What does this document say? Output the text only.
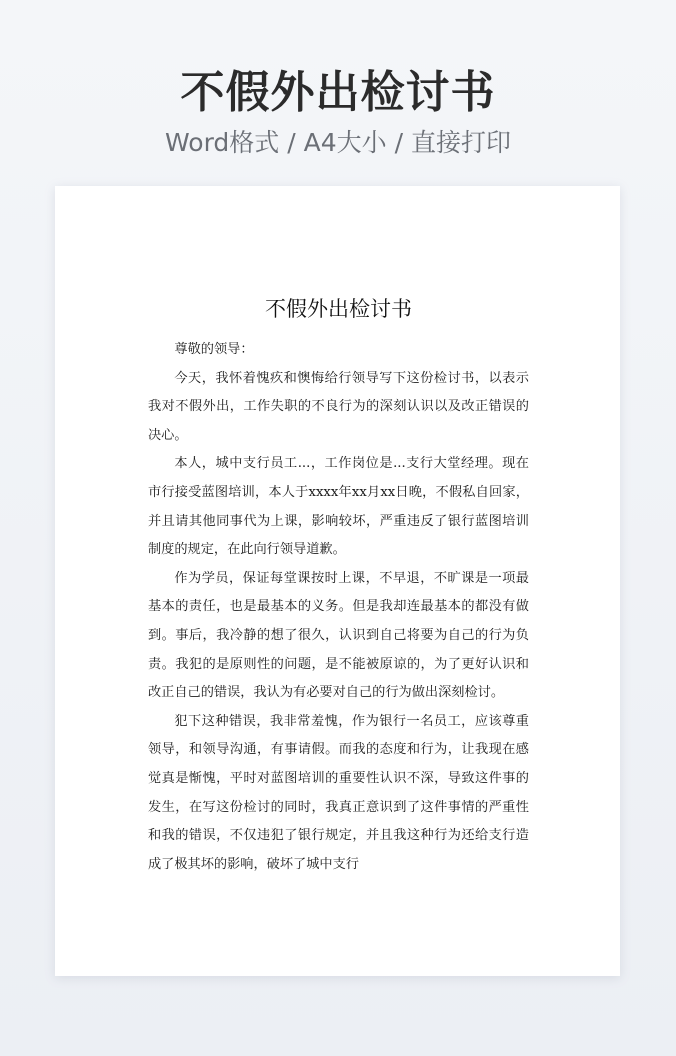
不假外出检讨书
Word格式 / A4大小 / 直接打印
不假外出检讨书

尊敬的领导：

今天，我怀着愧疚和懊悔给行领导写下这份检讨书，以表示我对不假外出，工作失职的不良行为的深刻认识以及改正错误的决心。

本人，城中支行员工...，工作岗位是...支行大堂经理。现在市行接受蓝图培训，本人于xxxx年xx月xx日晚，不假私自回家，并且请其他同事代为上课，影响较坏，严重违反了银行蓝图培训制度的规定，在此向行领导道歉。

作为学员，保证每堂课按时上课，不早退，不旷课是一项最基本的责任，也是最基本的义务。但是我却连最基本的都没有做到。事后，我冷静的想了很久，认识到自己将要为自己的行为负责。我犯的是原则性的问题，是不能被原谅的，为了更好认识和改正自己的错误，我认为有必要对自己的行为做出深刻检讨。

犯下这种错误，我非常羞愧，作为银行一名员工，应该尊重领导，和领导沟通，有事请假。而我的态度和行为，让我现在感觉真是惭愧，平时对蓝图培训的重要性认识不深，导致这件事的发生，在写这份检讨的同时，我真正意识到了这件事情的严重性和我的错误，不仅违犯了银行规定，并且我这种行为还给支行造成了极其坏的影响，破坏了城中支行
